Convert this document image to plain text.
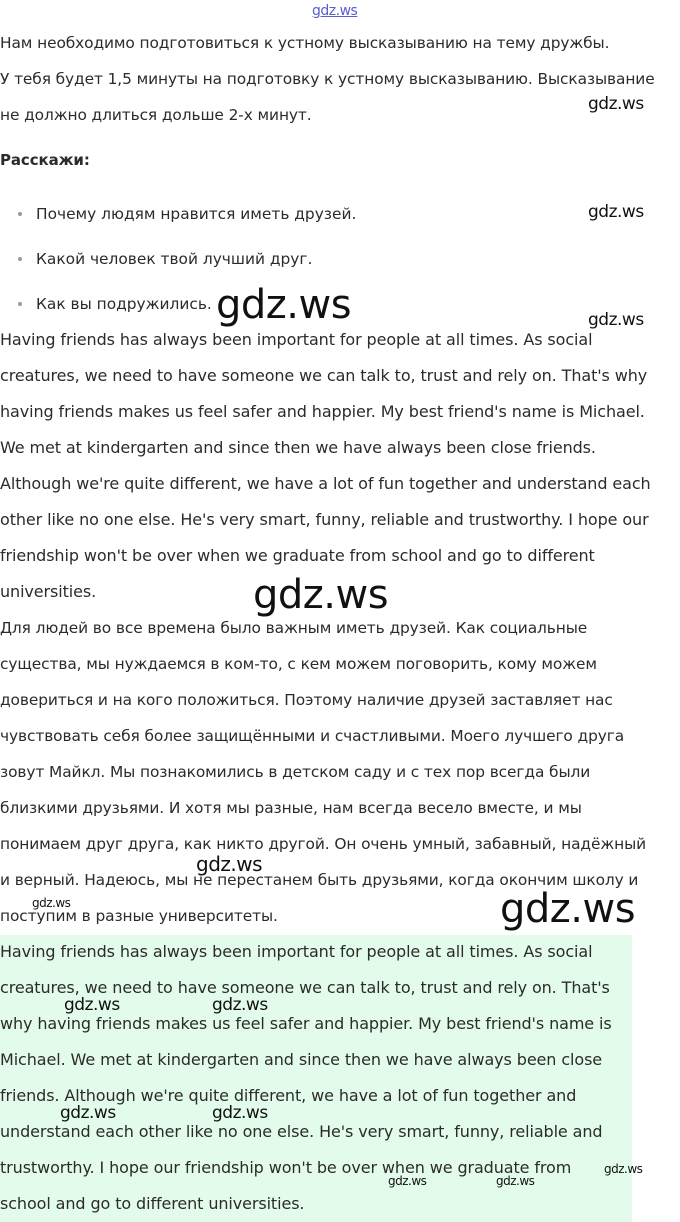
gdz.ws

Нам необходимо подготовиться к устному высказыванию на тему дружбы.

У тебя будет 1,5 минуты на подготовку к устному высказыванию. Высказывание

не должно длиться дольше 2-х минут.

Расскажи:

Почему людям нравится иметь друзей.
Какой человек твой лучший друг.
Как вы подружились.

Having friends has always been important for people at all times. As social

creatures, we need to have someone we can talk to, trust and rely on. That's why

having friends makes us feel safer and happier. My best friend's name is Michael.

We met at kindergarten and since then we have always been close friends.

Although we're quite different, we have a lot of fun together and understand each

other like no one else. He's very smart, funny, reliable and trustworthy. I hope our

friendship won't be over when we graduate from school and go to different

universities.

Для людей во все времена было важным иметь друзей. Как социальные

существа, мы нуждаемся в ком-то, с кем можем поговорить, кому можем

довериться и на кого положиться. Поэтому наличие друзей заставляет нас

чувствовать себя более защищёнными и счастливыми. Моего лучшего друга

зовут Майкл. Мы познакомились в детском саду и с тех пор всегда были

близкими друзьями. И хотя мы разные, нам всегда весело вместе, и мы

понимаем друг друга, как никто другой. Он очень умный, забавный, надёжный

и верный. Надеюсь, мы не перестанем быть друзьями, когда окончим школу и

поступим в разные университеты.

Having friends has always been important for people at all times. As social

creatures, we need to have someone we can talk to, trust and rely on. That's

why having friends makes us feel safer and happier. My best friend's name is

Michael. We met at kindergarten and since then we have always been close

friends. Although we're quite different, we have a lot of fun together and

understand each other like no one else. He's very smart, funny, reliable and

trustworthy. I hope our friendship won't be over when we graduate from

school and go to different universities.

gdz.ws
gdz.ws
gdz.ws	gdz.ws
gdz.ws
gdz.ws
gdz.ws
gdz.ws
gdz.ws	gdz.ws
gdz.ws	gdz.ws
gdz.ws
gdz.ws	gdz.ws
